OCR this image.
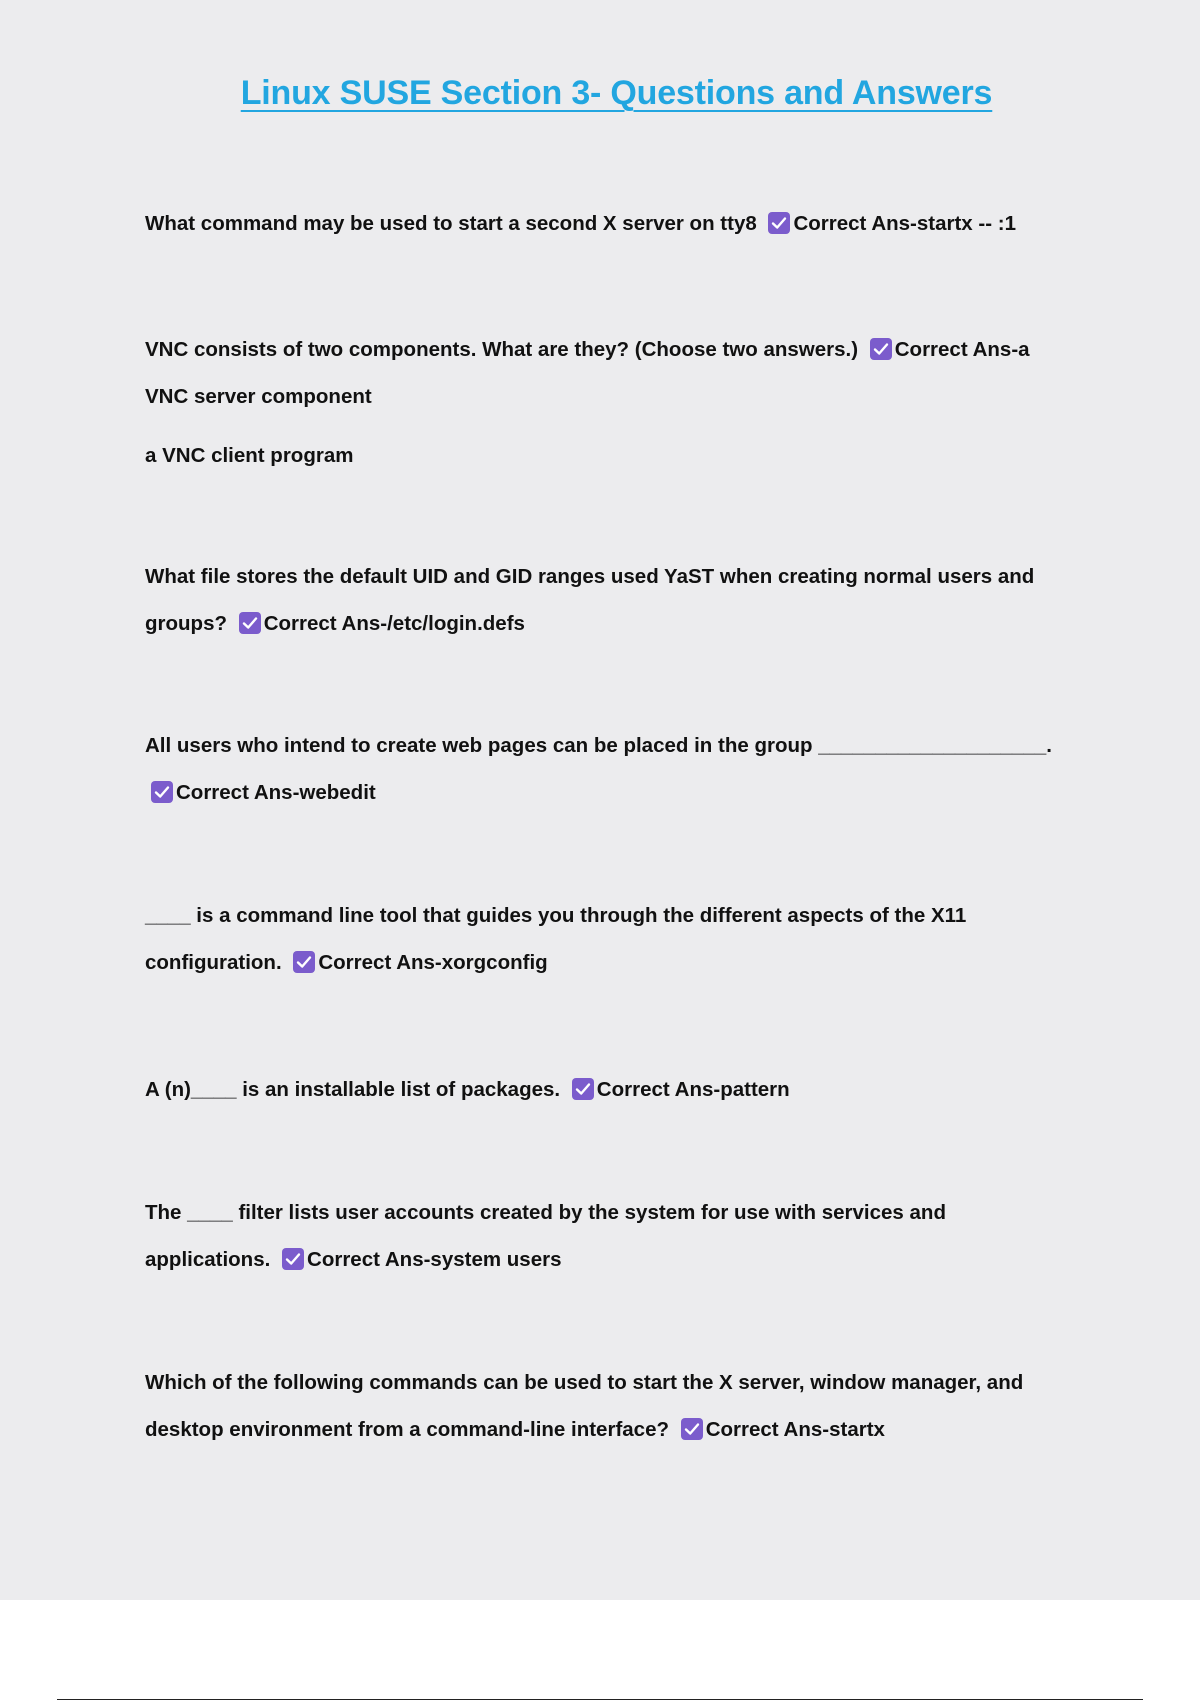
Linux SUSE Section 3- Questions and Answers

What command may be used to start a second X server on tty8 Correct Ans-startx -- :1

VNC consists of two components. What are they? (Choose two answers.) Correct Ans-a VNC server component

a VNC client program

What file stores the default UID and GID ranges used YaST when creating normal users and groups? Correct Ans-/etc/login.defs

All users who intend to create web pages can be placed in the group ____________________.
Correct Ans-webedit

____ is a command line tool that guides you through the different aspects of the X11 configuration. Correct Ans-xorgconfig

A (n)____ is an installable list of packages. Correct Ans-pattern

The ____ filter lists user accounts created by the system for use with services and applications. Correct Ans-system users

Which of the following commands can be used to start the X server, window manager, and desktop environment from a command-line interface? Correct Ans-startx
